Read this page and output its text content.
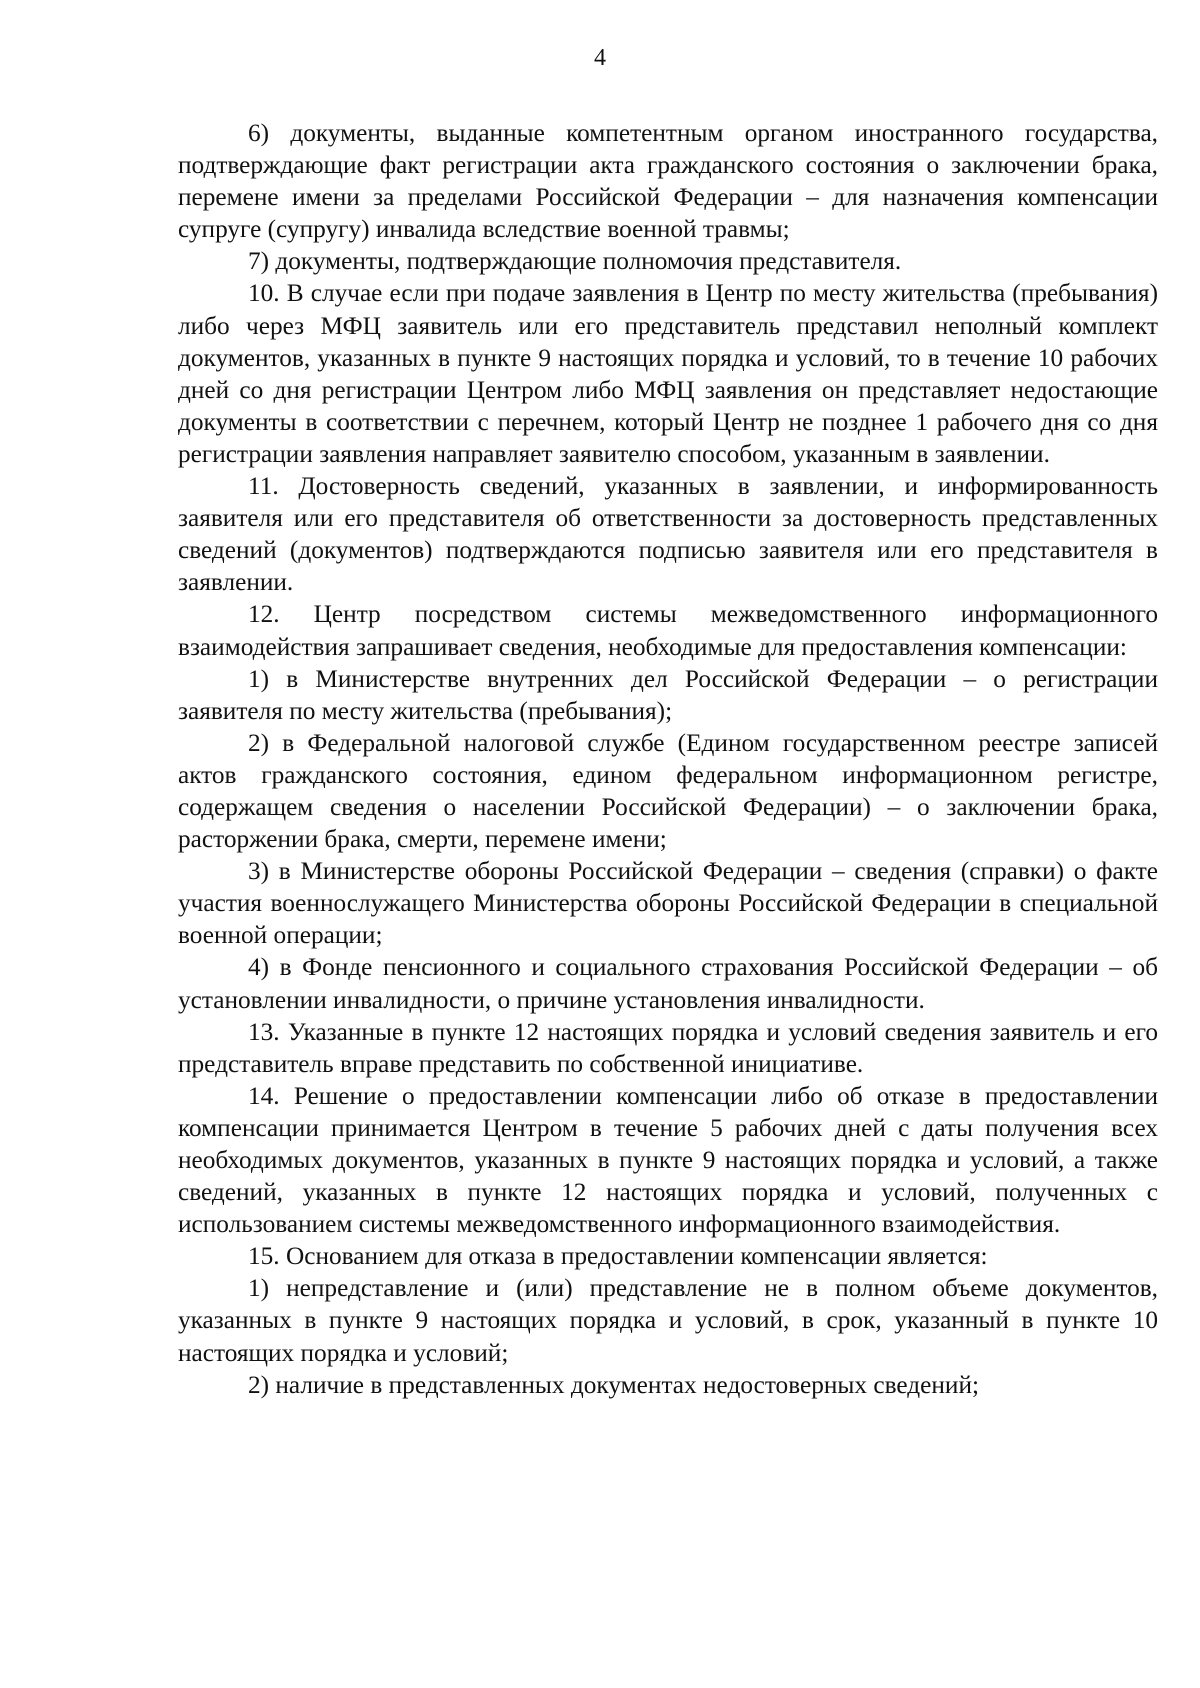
4

6) документы, выданные компетентным органом иностранного государства, подтверждающие факт регистрации акта гражданского состояния о заключении брака, перемене имени за пределами Российской Федерации – для назначения компенсации супруге (супругу) инвалида вследствие военной травмы;

7) документы, подтверждающие полномочия представителя.

10. В случае если при подаче заявления в Центр по месту жительства (пребывания) либо через МФЦ заявитель или его представитель представил неполный комплект документов, указанных в пункте 9 настоящих порядка и условий, то в течение 10 рабочих дней со дня регистрации Центром либо МФЦ заявления он представляет недостающие документы в соответствии с перечнем, который Центр не позднее 1 рабочего дня со дня регистрации заявления направляет заявителю способом, указанным в заявлении.

11. Достоверность сведений, указанных в заявлении, и информированность заявителя или его представителя об ответственности за достоверность представленных сведений (документов) подтверждаются подписью заявителя или его представителя в заявлении.

12. Центр посредством системы межведомственного информационного взаимодействия запрашивает сведения, необходимые для предоставления компенсации:

1) в Министерстве внутренних дел Российской Федерации – о регистрации заявителя по месту жительства (пребывания);

2) в Федеральной налоговой службе (Едином государственном реестре записей актов гражданского состояния, едином федеральном информационном регистре, содержащем сведения о населении Российской Федерации) – о заключении брака, расторжении брака, смерти, перемене имени;

3) в Министерстве обороны Российской Федерации – сведения (справки) о факте участия военнослужащего Министерства обороны Российской Федерации в специальной военной операции;

4) в Фонде пенсионного и социального страхования Российской Федерации – об установлении инвалидности, о причине установления инвалидности.

13. Указанные в пункте 12 настоящих порядка и условий сведения заявитель и его представитель вправе представить по собственной инициативе.

14. Решение о предоставлении компенсации либо об отказе в предоставлении компенсации принимается Центром в течение 5 рабочих дней с даты получения всех необходимых документов, указанных в пункте 9 настоящих порядка и условий, а также сведений, указанных в пункте 12 настоящих порядка и условий, полученных с использованием системы межведомственного информационного взаимодействия.

15. Основанием для отказа в предоставлении компенсации является:

1) непредставление и (или) представление не в полном объеме документов, указанных в пункте 9 настоящих порядка и условий, в срок, указанный в пункте 10 настоящих порядка и условий;

2) наличие в представленных документах недостоверных сведений;
